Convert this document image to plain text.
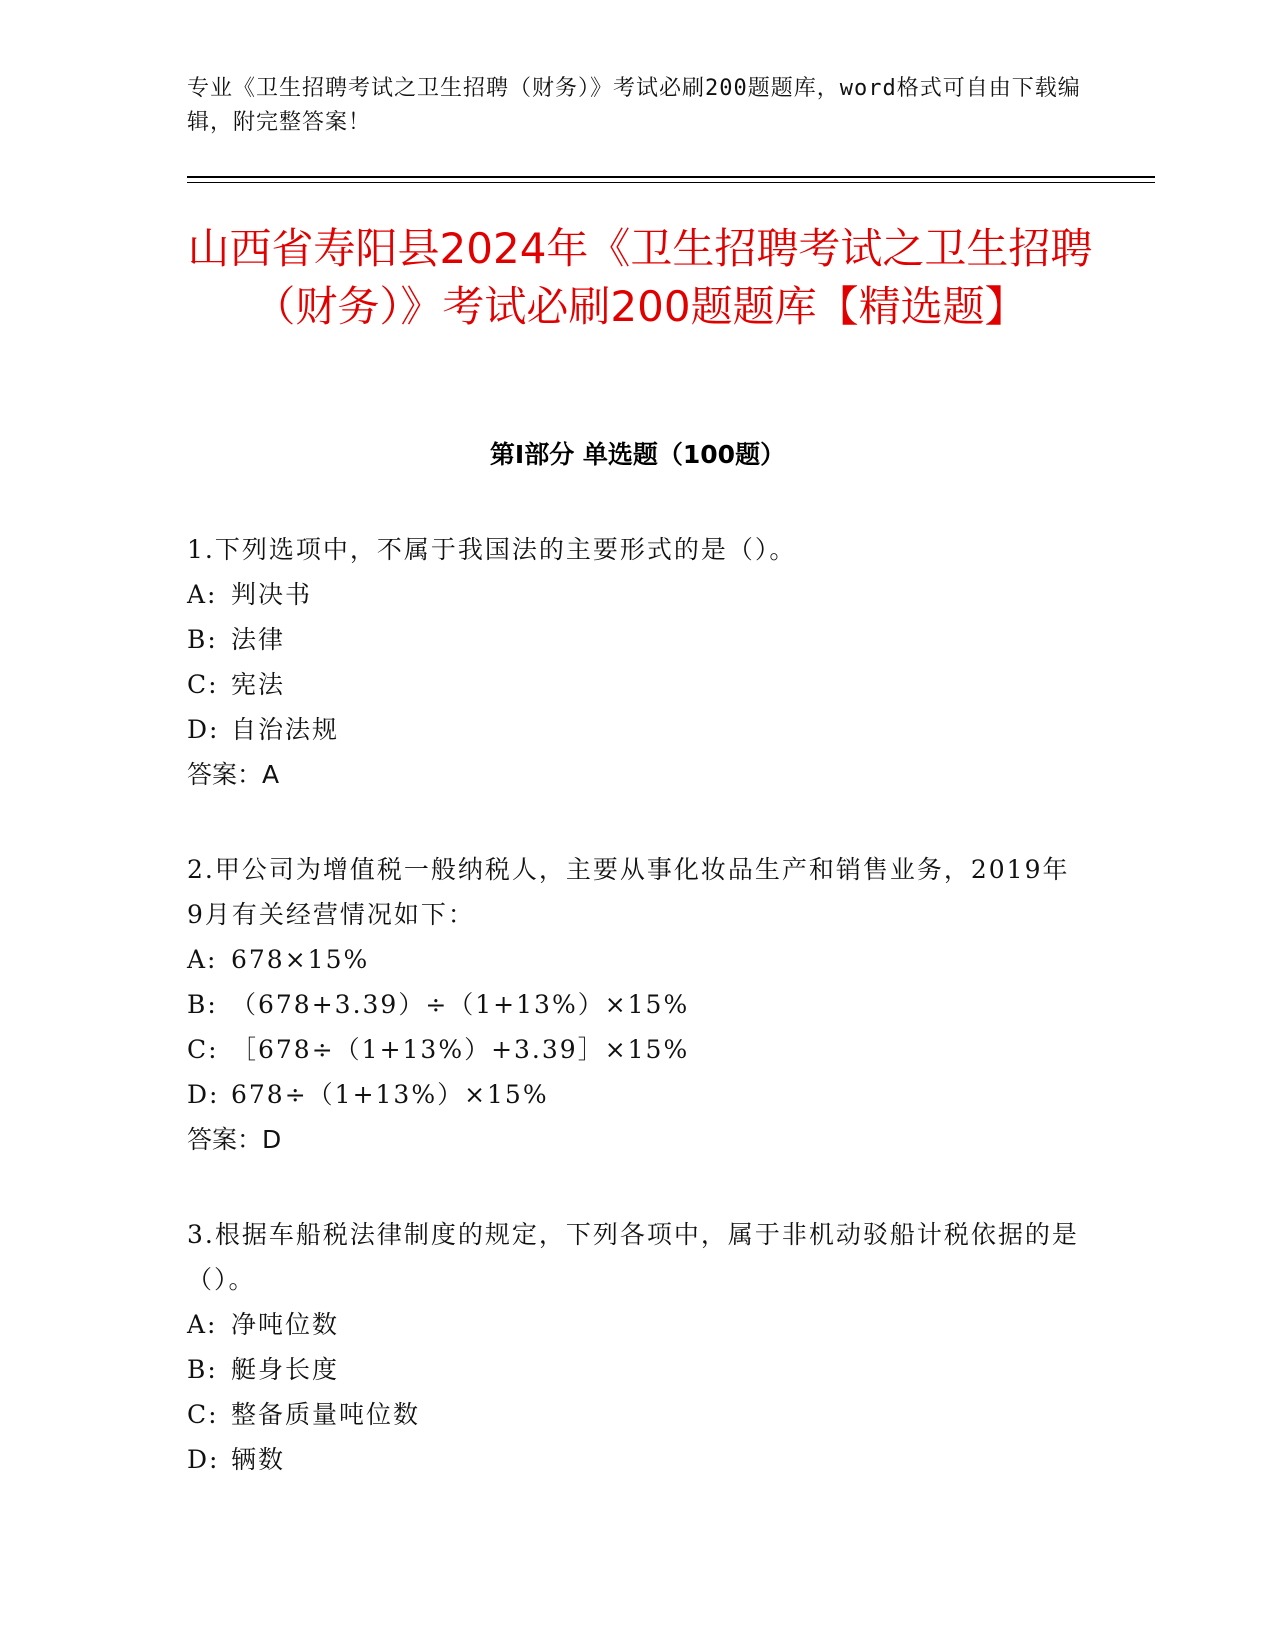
专业《卫生招聘考试之卫生招聘（财务）》考试必刷200题题库，word格式可自由下载编辑，附完整答案！
山西省寿阳县2024年《卫生招聘考试之卫生招聘（财务）》考试必刷200题题库【精选题】
第I部分 单选题（100题）
1.下列选项中，不属于我国法的主要形式的是（）。
A: 判决书
B: 法律
C: 宪法
D: 自治法规
答案：A
2.甲公司为增值税一般纳税人，主要从事化妆品生产和销售业务，2019年9月有关经营情况如下：
A: 678×15%
B: （678+3.39）÷（1+13%）×15%
C: ［678÷（1+13%）+3.39］×15%
D: 678÷（1+13%）×15%
答案：D
3.根据车船税法律制度的规定，下列各项中，属于非机动驳船计税依据的是（）。
A: 净吨位数
B: 艇身长度
C: 整备质量吨位数
D: 辆数
